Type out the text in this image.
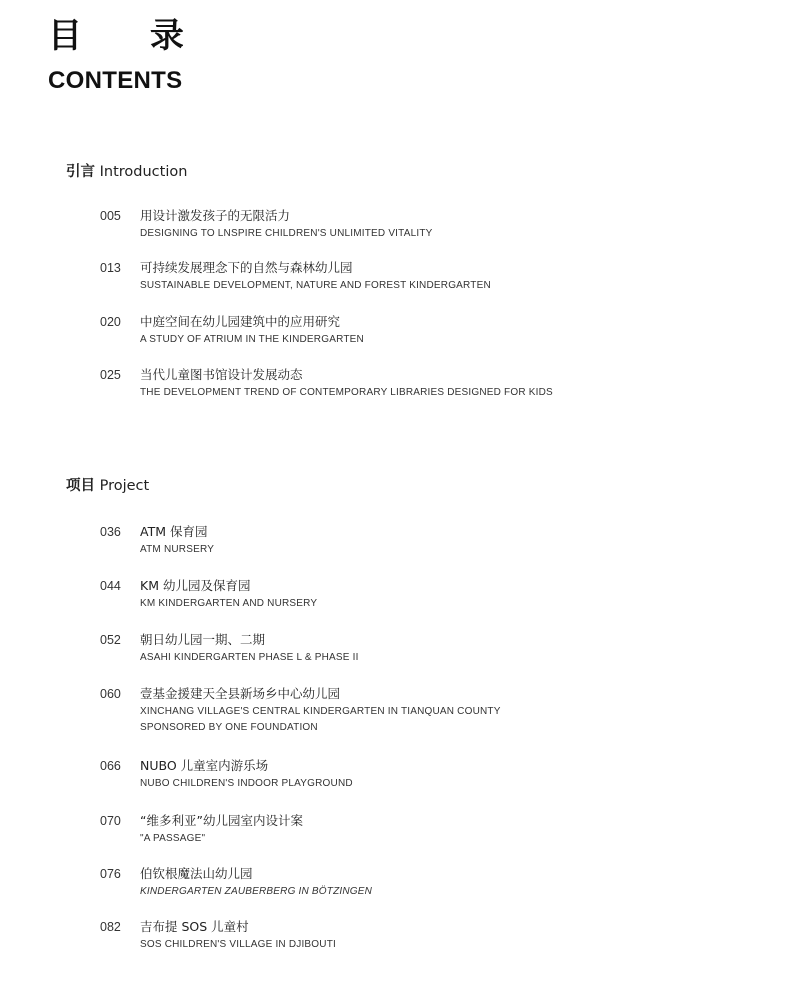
目 录
CONTENTS
引言 Introduction
005	用设计激发孩子的无限活力
DESIGNING TO LNSPIRE CHILDREN'S UNLIMITED VITALITY
013	可持续发展理念下的自然与森林幼儿园
SUSTAINABLE DEVELOPMENT, NATURE AND FOREST KINDERGARTEN
020	中庭空间在幼儿园建筑中的应用研究
A STUDY OF ATRIUM IN THE KINDERGARTEN
025	当代儿童图书馆设计发展动态
THE DEVELOPMENT TREND OF CONTEMPORARY LIBRARIES DESIGNED FOR KIDS
项目 Project
036	ATM 保育园
ATM NURSERY
044	KM 幼儿园及保育园
KM KINDERGARTEN AND NURSERY
052	朝日幼儿园一期、二期
ASAHI KINDERGARTEN PHASE L & PHASE II
060	壹基金援建天全县新场乡中心幼儿园
XINCHANG VILLAGE'S CENTRAL KINDERGARTEN IN TIANQUAN COUNTY
SPONSORED BY ONE FOUNDATION
066	NUBO 儿童室内游乐场
NUBO CHILDREN'S INDOOR PLAYGROUND
070	“维多利亚”幼儿园室内设计案
"A PASSAGE"
076	伯钦根魔法山幼儿园
KINDERGARTEN ZAUBERBERG IN BÖTZINGEN
082	吉布提 SOS 儿童村
SOS CHILDREN'S VILLAGE IN DJIBOUTI
